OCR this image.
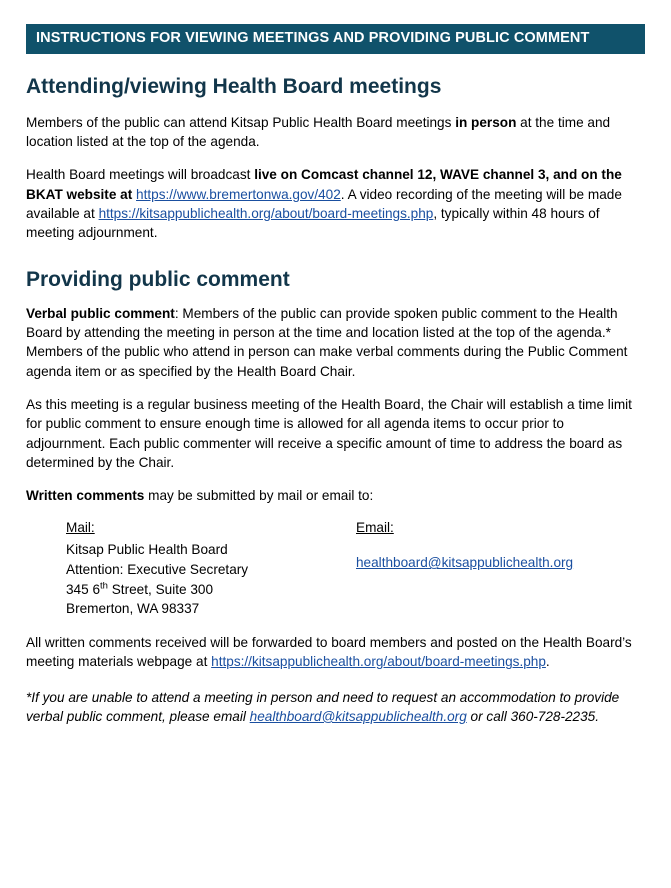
INSTRUCTIONS FOR VIEWING MEETINGS AND PROVIDING PUBLIC COMMENT
Attending/viewing Health Board meetings

Members of the public can attend Kitsap Public Health Board meetings in person at the time and location listed at the top of the agenda.

Health Board meetings will broadcast live on Comcast channel 12, WAVE channel 3, and on the BKAT website at https://www.bremertonwa.gov/402. A video recording of the meeting will be made available at https://kitsappublichealth.org/about/board-meetings.php, typically within 48 hours of meeting adjournment.

Providing public comment

Verbal public comment: Members of the public can provide spoken public comment to the Health Board by attending the meeting in person at the time and location listed at the top of the agenda.* Members of the public who attend in person can make verbal comments during the Public Comment agenda item or as specified by the Health Board Chair.

As this meeting is a regular business meeting of the Health Board, the Chair will establish a time limit for public comment to ensure enough time is allowed for all agenda items to occur prior to adjournment. Each public commenter will receive a specific amount of time to address the board as determined by the Chair.

Written comments may be submitted by mail or email to:

Mail:
Kitsap Public Health Board
Attention: Executive Secretary
345 6th Street, Suite 300
Bremerton, WA 98337
Email:
healthboard@kitsappublichealth.org

All written comments received will be forwarded to board members and posted on the Health Board’s meeting materials webpage at https://kitsappublichealth.org/about/board-meetings.php.

*If you are unable to attend a meeting in person and need to request an accommodation to provide verbal public comment, please email healthboard@kitsappublichealth.org or call 360-728-2235.
